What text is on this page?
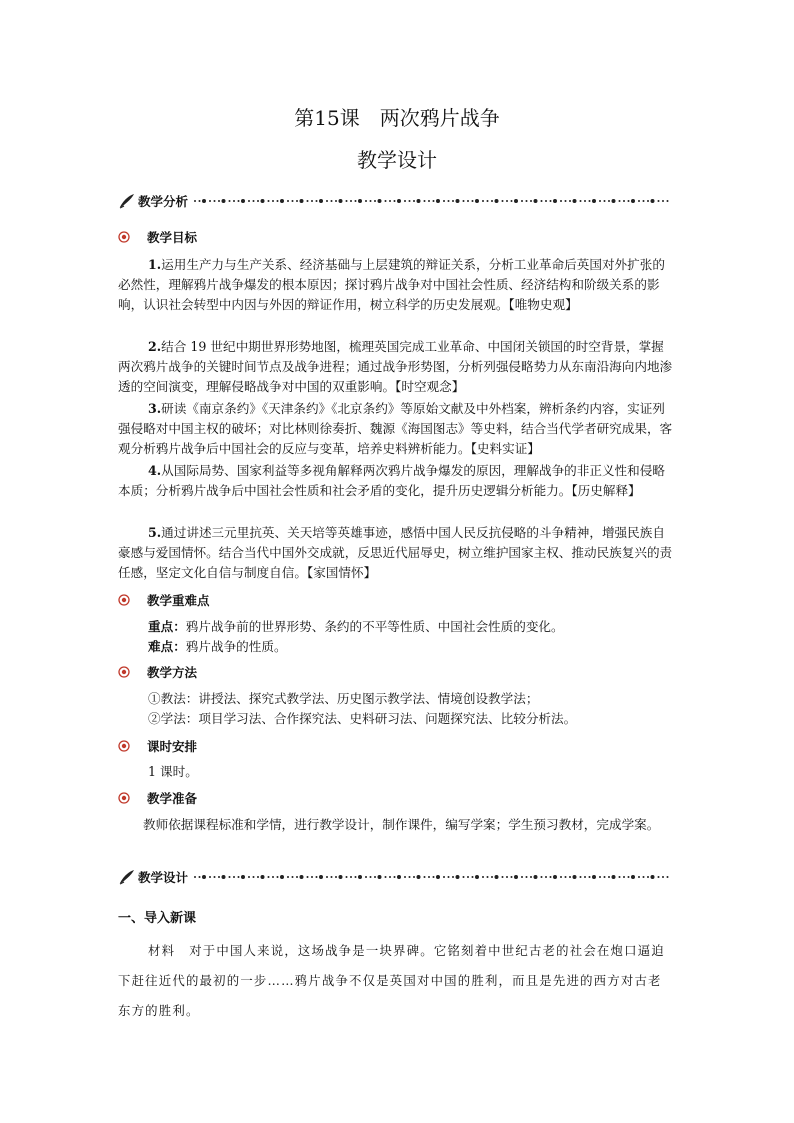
第15课　两次鸦片战争
教学设计
教学分析
教学目标

1.运用生产力与生产关系、经济基础与上层建筑的辩证关系，分析工业革命后英国对外扩张的必然性，理解鸦片战争爆发的根本原因；探讨鸦片战争对中国社会性质、经济结构和阶级关系的影响，认识社会转型中内因与外因的辩证作用，树立科学的历史发展观。【唯物史观】

2.结合 19 世纪中期世界形势地图，梳理英国完成工业革命、中国闭关锁国的时空背景，掌握两次鸦片战争的关键时间节点及战争进程；通过战争形势图，分析列强侵略势力从东南沿海向内地渗透的空间演变，理解侵略战争对中国的双重影响。【时空观念】

3.研读《南京条约》《天津条约》《北京条约》等原始文献及中外档案，辨析条约内容，实证列强侵略对中国主权的破坏；对比林则徐奏折、魏源《海国图志》等史料，结合当代学者研究成果，客观分析鸦片战争后中国社会的反应与变革，培养史料辨析能力。【史料实证】

4.从国际局势、国家利益等多视角解释两次鸦片战争爆发的原因，理解战争的非正义性和侵略本质；分析鸦片战争后中国社会性质和社会矛盾的变化，提升历史逻辑分析能力。【历史解释】

5.通过讲述三元里抗英、关天培等英雄事迹，感悟中国人民反抗侵略的斗争精神，增强民族自豪感与爱国情怀。结合当代中国外交成就，反思近代屈辱史，树立维护国家主权、推动民族复兴的责任感，坚定文化自信与制度自信。【家国情怀】

教学重难点
重点：鸦片战争前的世界形势、条约的不平等性质、中国社会性质的变化。
难点：鸦片战争的性质。
教学方法
①教法：讲授法、探究式教学法、历史图示教学法、情境创设教学法；
②学法：项目学习法、合作探究法、史料研习法、问题探究法、比较分析法。
课时安排
1 课时。
教学准备

教师依据课程标准和学情，进行教学设计，制作课件，编写学案；学生预习教材，完成学案。

教学设计
一、导入新课

材料 对于中国人来说，这场战争是一块界碑。它铭刻着中世纪古老的社会在炮口逼迫下赶往近代的最初的一步……鸦片战争不仅是英国对中国的胜利，而且是先进的西方对古老东方的胜利。
